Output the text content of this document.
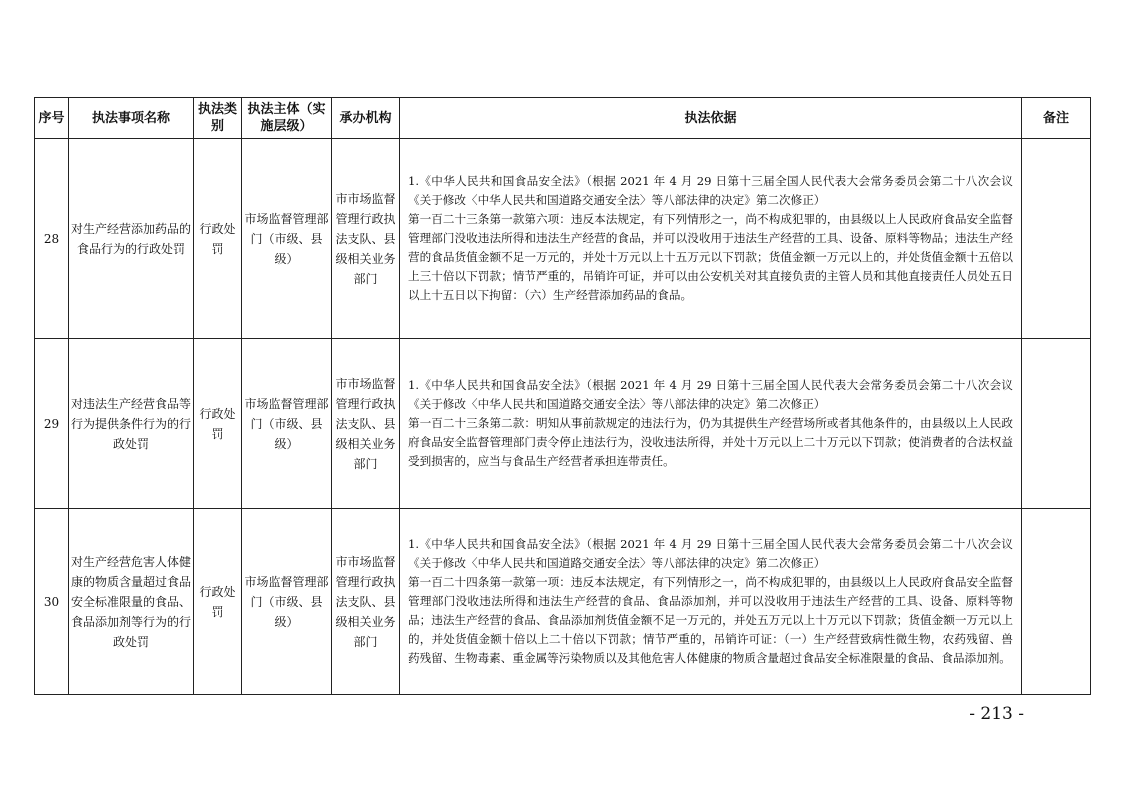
序号	执法事项名称	执法类别	执法主体（实施层级）	承办机构	执法依据	备注
28	对生产经营添加药品的食品行为的行政处罚	行政处罚	市场监督管理部门（市级、县级）	市市场监督管理行政执法支队、县级相关业务部门	1.《中华人民共和国食品安全法》（根据 2021 年 4 月 29 日第十三届全国人民代表大会常务委员会第二十八次会议《关于修改〈中华人民共和国道路交通安全法〉等八部法律的决定》第二次修正）
第一百二十三条第一款第六项：违反本法规定，有下列情形之一，尚不构成犯罪的，由县级以上人民政府食品安全监督管理部门没收违法所得和违法生产经营的食品，并可以没收用于违法生产经营的工具、设备、原料等物品；违法生产经营的食品货值金额不足一万元的，并处十万元以上十五万元以下罚款；货值金额一万元以上的，并处货值金额十五倍以上三十倍以下罚款；情节严重的，吊销许可证，并可以由公安机关对其直接负责的主管人员和其他直接责任人员处五日以上十五日以下拘留：（六）生产经营添加药品的食品。	

29	对违法生产经营食品等行为提供条件行为的行政处罚	行政处罚	市场监督管理部门（市级、县级）	市市场监督管理行政执法支队、县级相关业务部门	1.《中华人民共和国食品安全法》（根据 2021 年 4 月 29 日第十三届全国人民代表大会常务委员会第二十八次会议《关于修改〈中华人民共和国道路交通安全法〉等八部法律的决定》第二次修正）
第一百二十三条第二款：明知从事前款规定的违法行为，仍为其提供生产经营场所或者其他条件的，由县级以上人民政府食品安全监督管理部门责令停止违法行为，没收违法所得，并处十万元以上二十万元以下罚款；使消费者的合法权益受到损害的，应当与食品生产经营者承担连带责任。	

30	对生产经营危害人体健康的物质含量超过食品安全标准限量的食品、食品添加剂等行为的行政处罚	行政处罚	市场监督管理部门（市级、县级）	市市场监督管理行政执法支队、县级相关业务部门	1.《中华人民共和国食品安全法》（根据 2021 年 4 月 29 日第十三届全国人民代表大会常务委员会第二十八次会议《关于修改〈中华人民共和国道路交通安全法〉等八部法律的决定》第二次修正）
第一百二十四条第一款第一项：违反本法规定，有下列情形之一，尚不构成犯罪的，由县级以上人民政府食品安全监督管理部门没收违法所得和违法生产经营的食品、食品添加剂，并可以没收用于违法生产经营的工具、设备、原料等物品；违法生产经营的食品、食品添加剂货值金额不足一万元的，并处五万元以上十万元以下罚款；货值金额一万元以上的，并处货值金额十倍以上二十倍以下罚款；情节严重的，吊销许可证：（一）生产经营致病性微生物，农药残留、兽药残留、生物毒素、重金属等污染物质以及其他危害人体健康的物质含量超过食品安全标准限量的食品、食品添加剂。	

- 213 -
